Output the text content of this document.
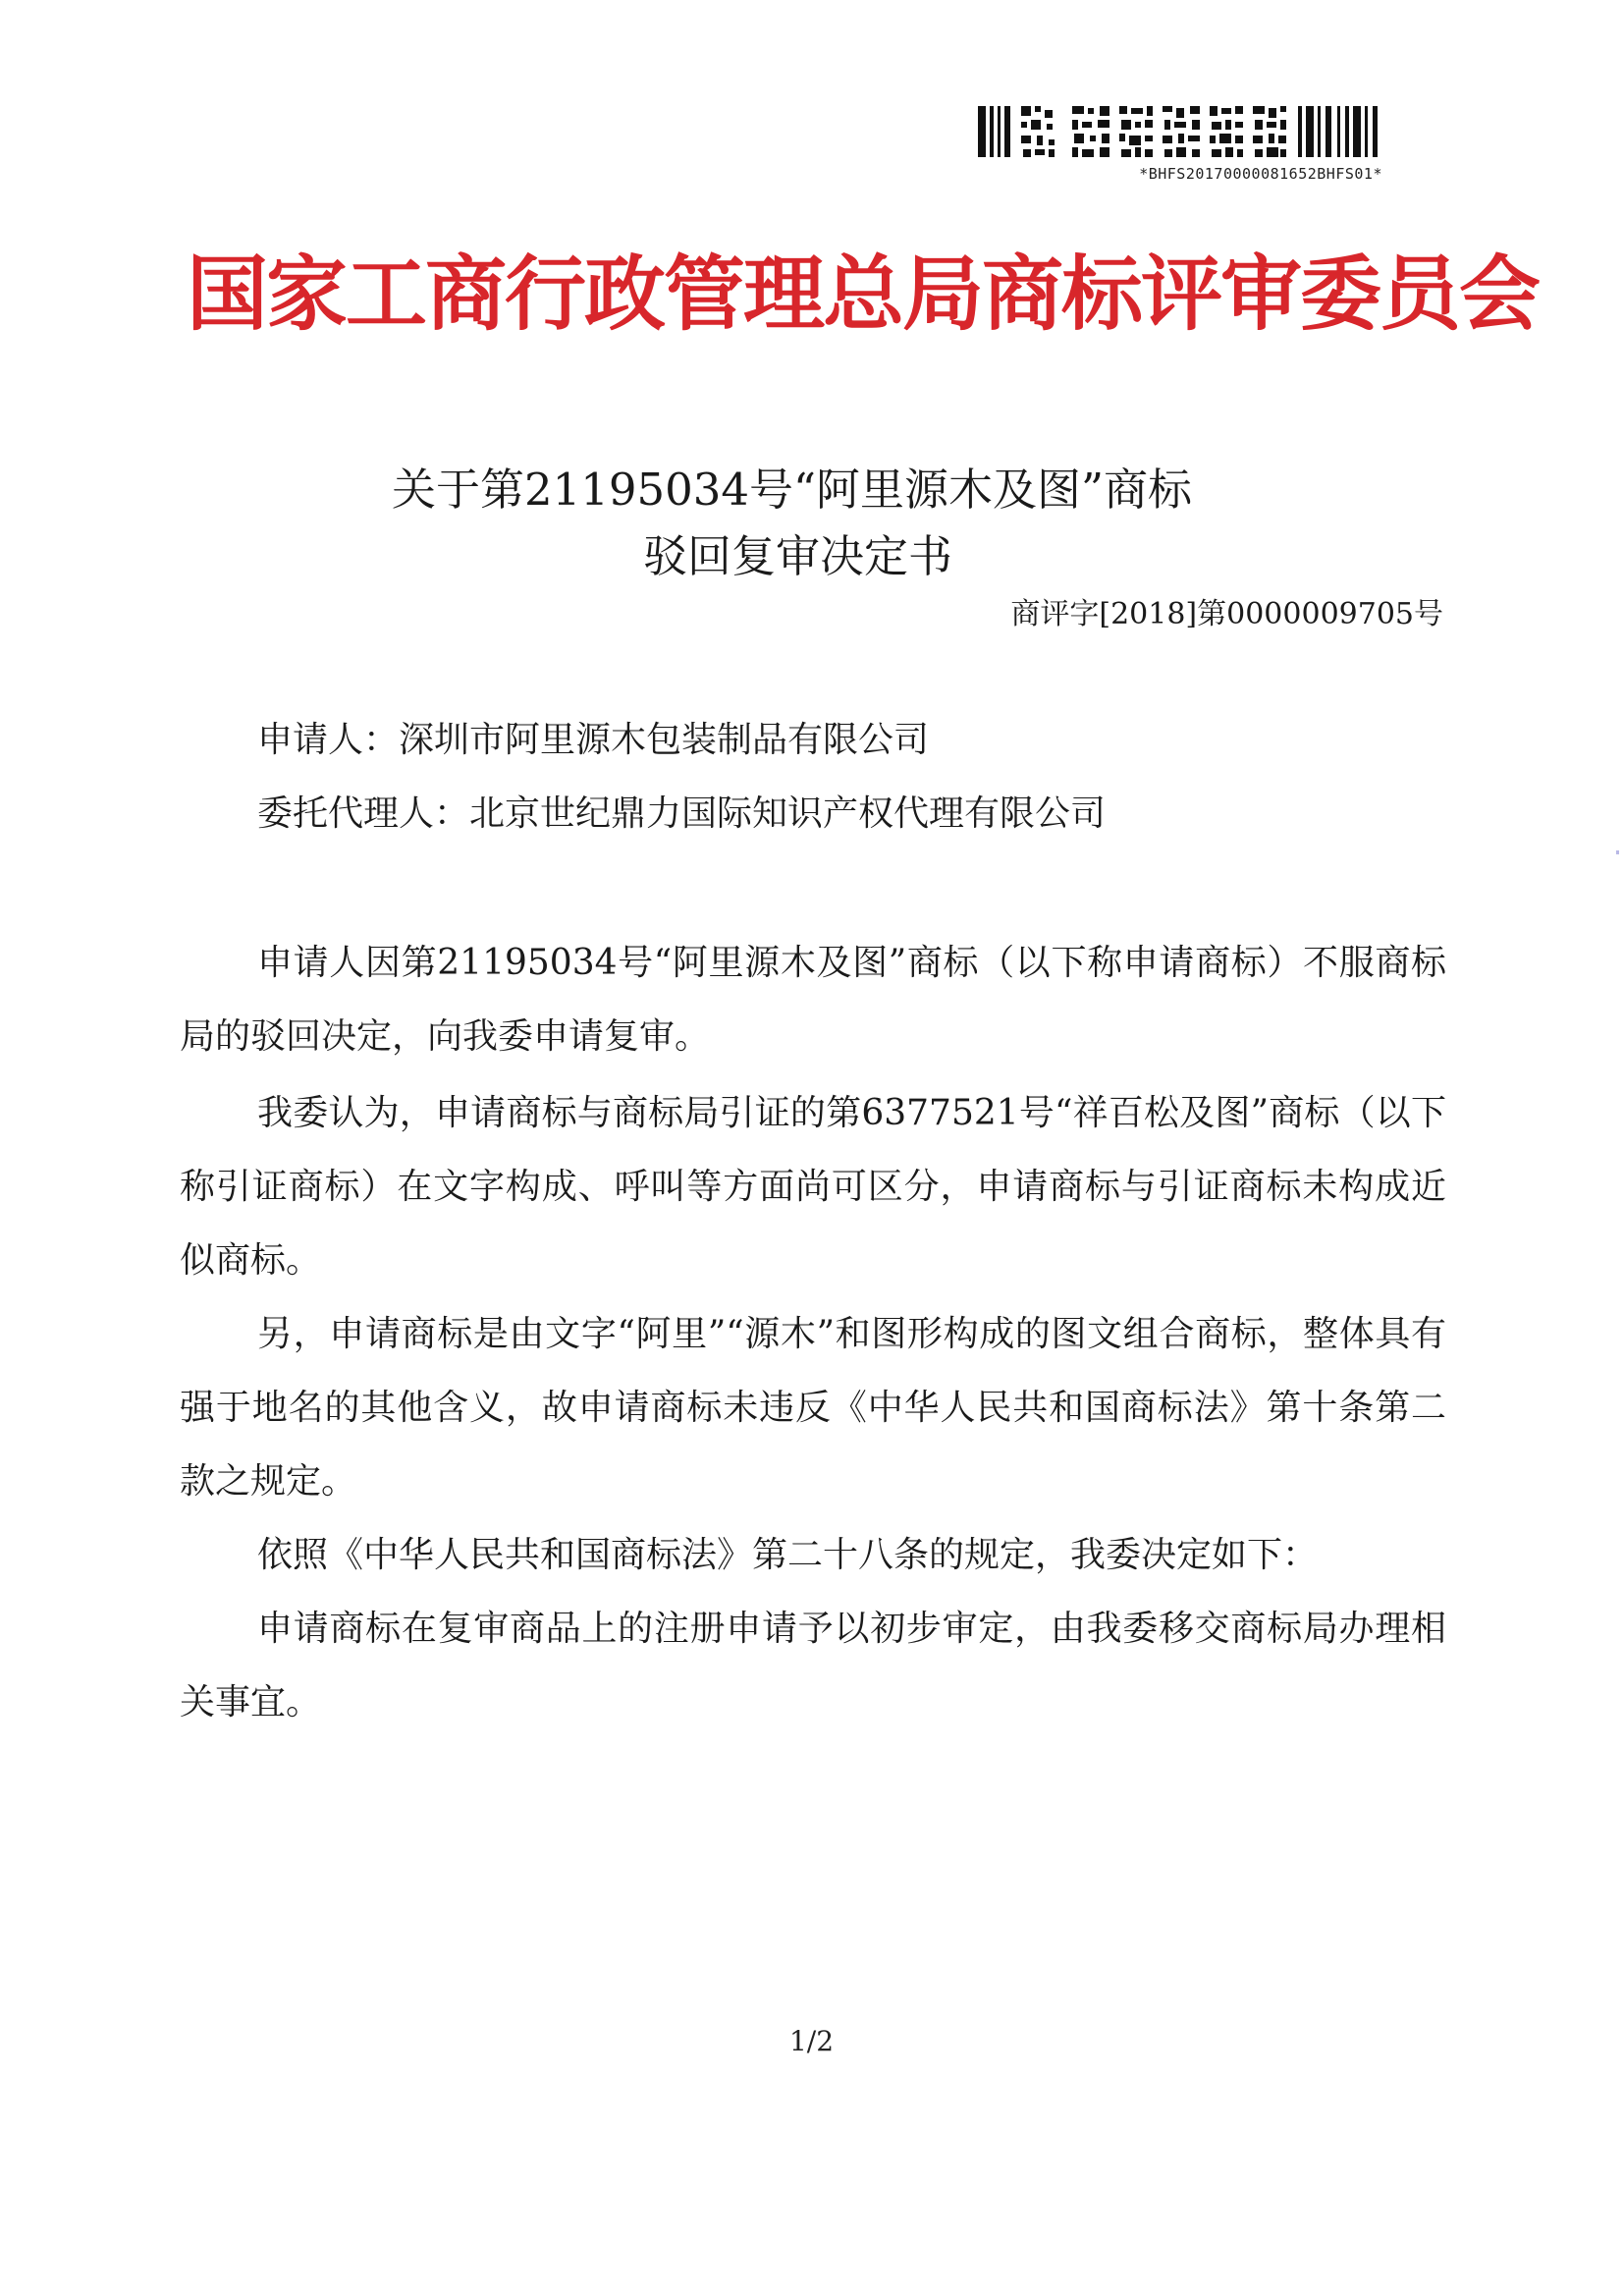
*BHFS20170000081652BHFS01*
国家工商行政管理总局商标评审委员会
关于第21195034号“阿里源木及图”商标
驳回复审决定书
商评字[2018]第0000009705号
申请人：深圳市阿里源木包装制品有限公司
委托代理人：北京世纪鼎力国际知识产权代理有限公司
申请人因第21195034号“阿里源木及图”商标（以下称申请商标）不服商标局的驳回决定，向我委申请复审。
我委认为，申请商标与商标局引证的第6377521号“祥百松及图”商标（以下称引证商标）在文字构成、呼叫等方面尚可区分，申请商标与引证商标未构成近似商标。
另，申请商标是由文字“阿里”“源木”和图形构成的图文组合商标，整体具有强于地名的其他含义，故申请商标未违反《中华人民共和国商标法》第十条第二款之规定。
依照《中华人民共和国商标法》第二十八条的规定，我委决定如下：
申请商标在复审商品上的注册申请予以初步审定，由我委移交商标局办理相关事宜。
1/2
